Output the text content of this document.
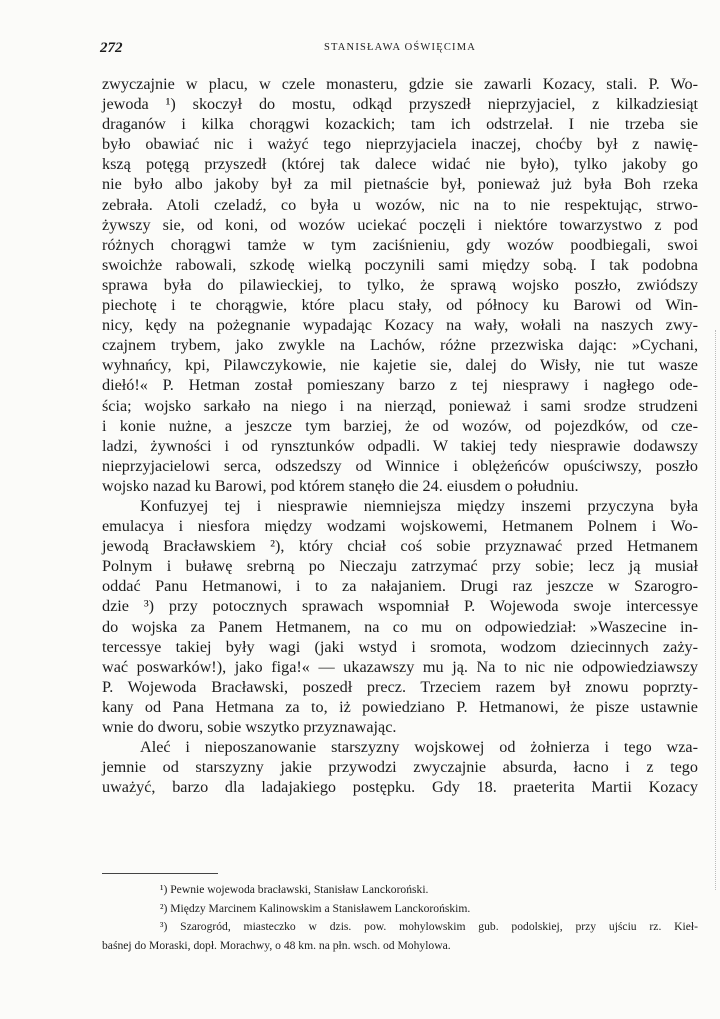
272	STANISŁAWA OŚWIĘCIMA
zwyczajnie w placu, w czele monasteru, gdzie sie zawarli Kozacy, stali. P. Wo-
jewoda ¹) skoczył do mostu, odkąd przyszedł nieprzyjaciel, z kilkadziesiąt
draganów i kilka chorągwi kozackich; tam ich odstrzelał. I nie trzeba sie
było obawiać nic i ważyć tego nieprzyjaciela inaczej, choćby był z nawię-
kszą potęgą przyszedł (której tak dalece widać nie było), tylko jakoby go
nie było albo jakoby był za mil pietnaście był, ponieważ już była Boh rzeka
zebrała. Atoli czeladź, co była u wozów, nic na to nie respektując, strwo-
żywszy sie, od koni, od wozów uciekać poczęli i niektóre towarzystwo z pod
różnych chorągwi tamże w tym zaciśnieniu, gdy wozów poodbiegali, swoi
swoichże rabowali, szkodę wielką poczynili sami między sobą. I tak podobna
sprawa była do pilawieckiej, to tylko, że sprawą wojsko poszło, zwiódszy
piechotę i te chorągwie, które placu stały, od północy ku Barowi od Win-
nicy, kędy na pożegnanie wypadając Kozacy na wały, wołali na naszych zwy-
czajnem trybem, jako zwykle na Lachów, różne przezwiska dając: »Cychani,
wyhnańcy, kpi, Pilawczykowie, nie kajetie sie, dalej do Wisły, nie tut wasze
diełó!« P. Hetman został pomieszany barzo z tej niesprawy i nagłego ode-
ścia; wojsko sarkało na niego i na nierząd, ponieważ i sami srodze strudzeni
i konie nużne, a jeszcze tym barziej, że od wozów, od pojezdków, od cze-
ladzi, żywności i od rynsztunków odpadli. W takiej tedy niesprawie dodawszy
nieprzyjacielowi serca, odszedszy od Winnice i oblężeńców opuściwszy, poszło
wojsko nazad ku Barowi, pod którem stanęło die 24. eiusdem o południu.
Konfuzyej tej i niesprawie niemniejsza między inszemi przyczyna była
emulacya i niesfora między wodzami wojskowemi, Hetmanem Polnem i Wo-
jewodą Bracławskiem ²), który chciał coś sobie przyznawać przed Hetmanem
Polnym i buławę srebrną po Nieczaju zatrzymać przy sobie; lecz ją musiał
oddać Panu Hetmanowi, i to za nałajaniem. Drugi raz jeszcze w Szarogro-
dzie ³) przy potocznych sprawach wspomniał P. Wojewoda swoje intercessye
do wojska za Panem Hetmanem, na co mu on odpowiedział: »Waszecine in-
tercessye takiej były wagi (jaki wstyd i sromota, wodzom dziecinnych zaży-
wać poswarków!), jako figa!« — ukazawszy mu ją. Na to nic nie odpowiedziawszy
P. Wojewoda Bracławski, poszedł precz. Trzeciem razem był znowu poprzty-
kany od Pana Hetmana za to, iż powiedziano P. Hetmanowi, że pisze ustawnie
wnie do dworu, sobie wszytko przyznawając.
Aleć i nieposzanowanie starszyzny wojskowej od żołnierza i tego wza-
jemnie od starszyzny jakie przywodzi zwyczajnie absurda, łacno i z tego
uważyć, barzo dla ladajakiego postępku. Gdy 18. praeterita Martii Kozacy
¹) Pewnie wojewoda bracławski, Stanisław Lanckoroński.
²) Między Marcinem Kalinowskim a Stanisławem Lanckorońskim.
³) Szarogród, miasteczko w dzis. pow. mohylowskim gub. podolskiej, przy ujściu rz. Kieł-
baśnej do Moraski, dopł. Morachwy, o 48 km. na płn. wsch. od Mohylowa.
